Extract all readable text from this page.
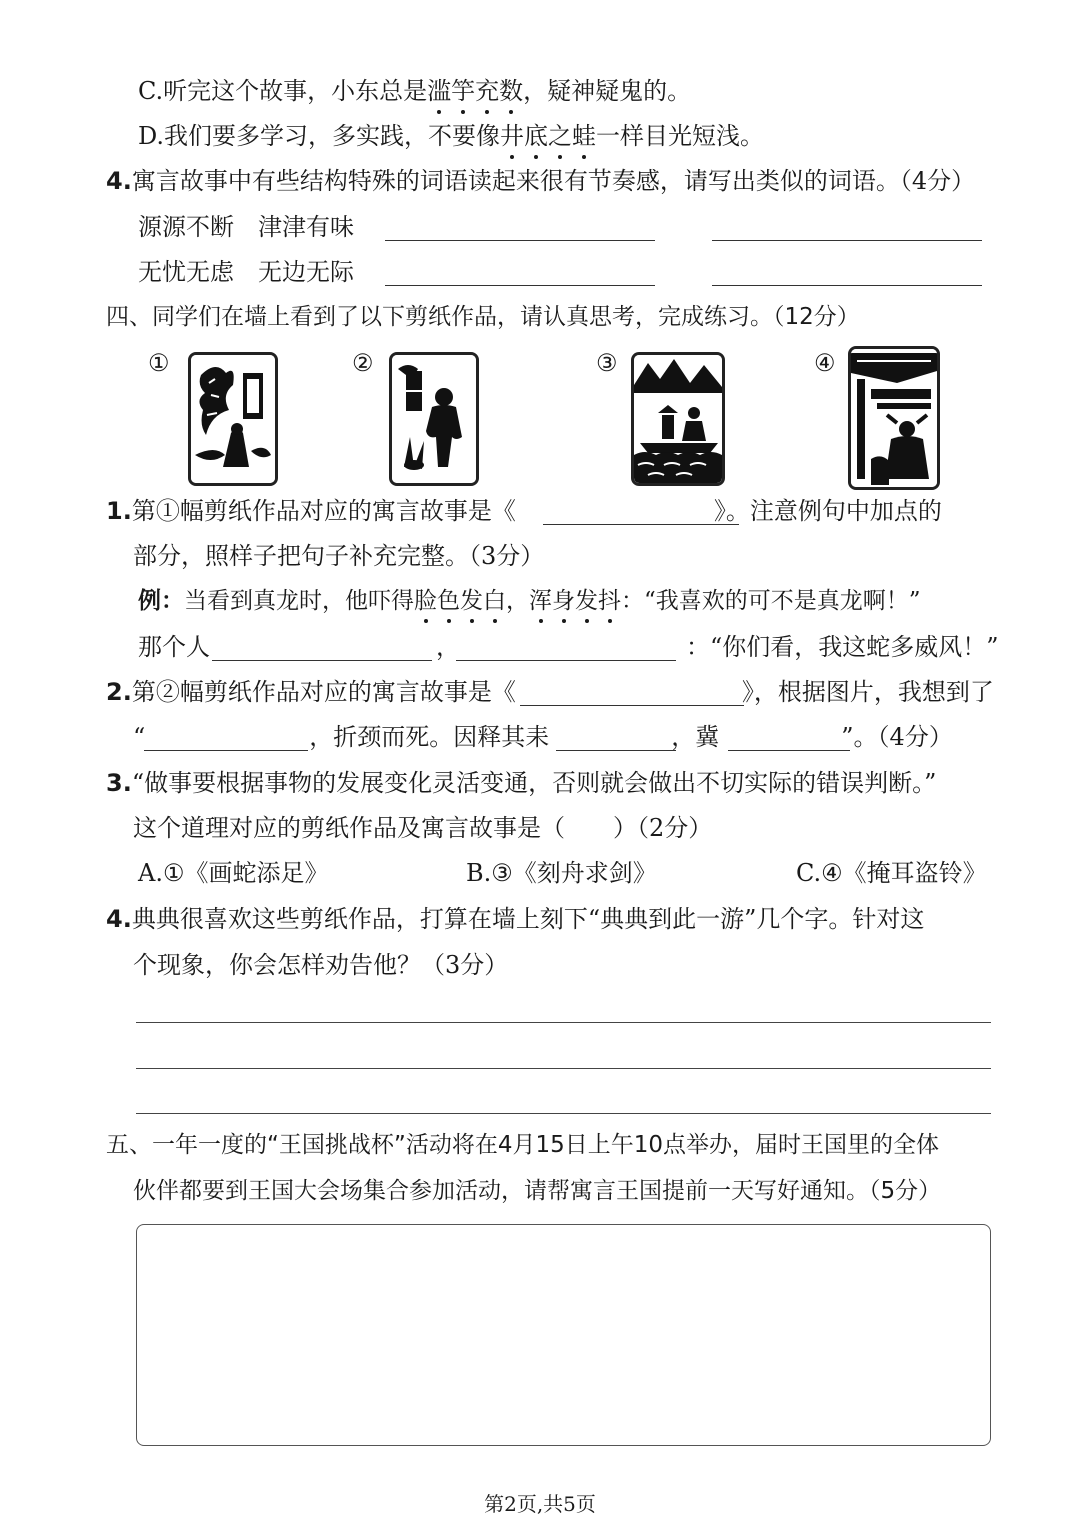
C.听完这个故事，小东总是滥竽充数，疑神疑鬼的。
D.我们要多学习，多实践，不要像井底之蛙一样目光短浅。
4.寓言故事中有些结构特殊的词语读起来很有节奏感，请写出类似的词语。（4分）
源源不断　津津有味
无忧无虑　无边无际
四、同学们在墙上看到了以下剪纸作品，请认真思考，完成练习。（12分）
①	②	③	④
1.第①幅剪纸作品对应的寓言故事是《	》。注意例句中加点的
部分，照样子把句子补充完整。（3分）
例：当看到真龙时，他吓得脸色发白，浑身发抖：“我喜欢的可不是真龙啊！”
那个人	，	：“你们看，我这蛇多威风！”
2.第②幅剪纸作品对应的寓言故事是《	》，根据图片，我想到了
“	，折颈而死。因释其耒	，冀	”。（4分）
3.“做事要根据事物的发展变化灵活变通，否则就会做出不切实际的错误判断。”
这个道理对应的剪纸作品及寓言故事是（　　）（2分）
A.①《画蛇添足》	B.③《刻舟求剑》	C.④《掩耳盗铃》
4.典典很喜欢这些剪纸作品，打算在墙上刻下“典典到此一游”几个字。针对这
个现象，你会怎样劝告他？（3分）
五、一年一度的“王国挑战杯”活动将在4月15日上午10点举办，届时王国里的全体
伙伴都要到王国大会场集合参加活动，请帮寓言王国提前一天写好通知。（5分）
第2页,共5页
